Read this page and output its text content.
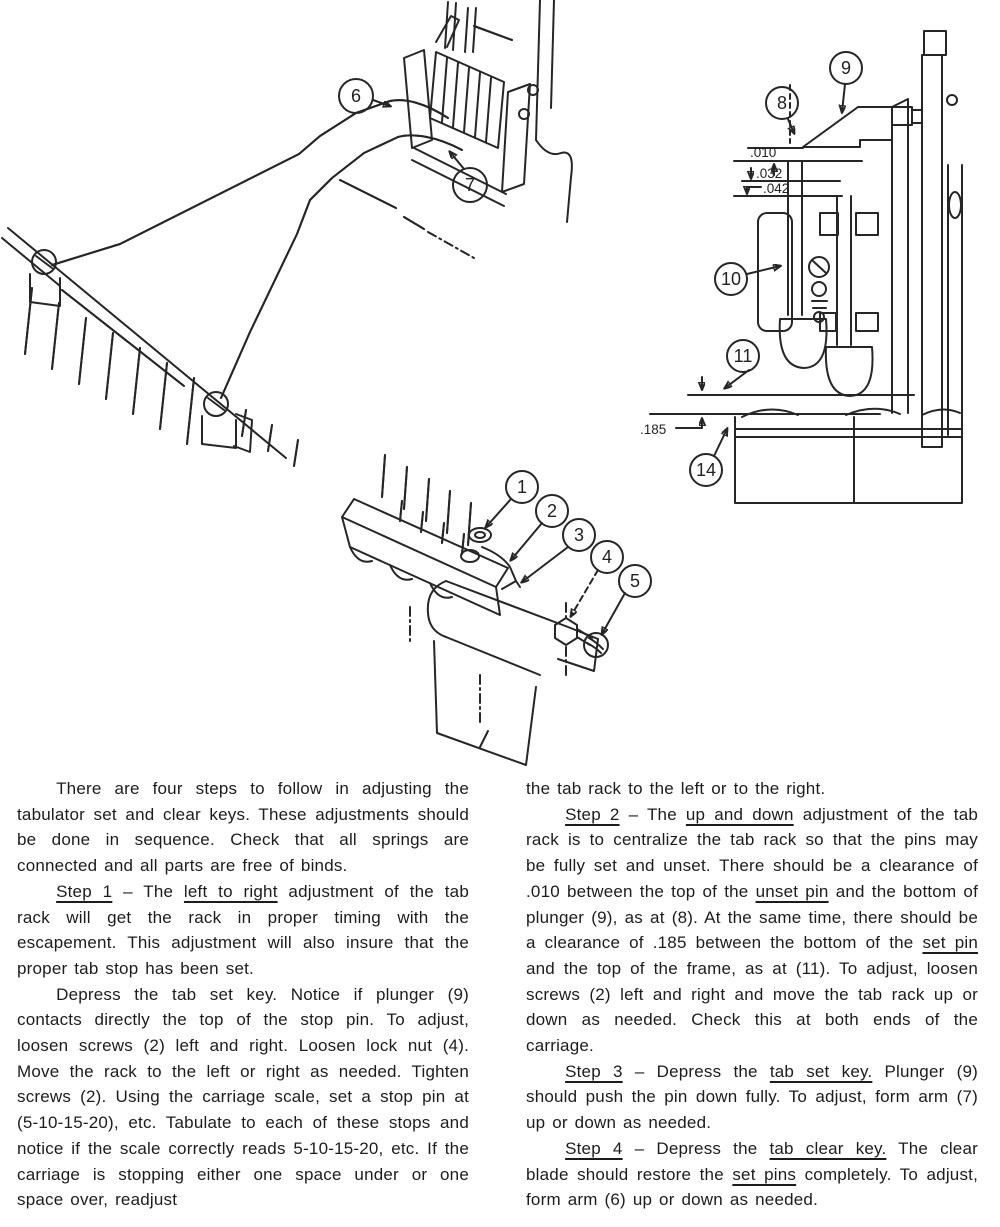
6
7
.010
.032
.042
.185
8
9
10
11
14
1
2
3
4
5

There are four steps to follow in adjusting the tabulator set and clear keys. These adjustments should be done in sequence. Check that all springs are connected and all parts are free of binds.

Step 1 – The left to right adjustment of the tab rack will get the rack in proper timing with the escapement. This adjustment will also insure that the proper tab stop has been set.

Depress the tab set key. Notice if plunger (9) contacts directly the top of the stop pin. To adjust, loosen screws (2) left and right. Loosen lock nut (4). Move the rack to the left or right as needed. Tighten screws (2). Using the carriage scale, set a stop pin at (5-10-15-20), etc. Tabulate to each of these stops and notice if the scale correctly reads 5-10-15-20, etc. If the carriage is stopping either one space under or one space over, readjust

the tab rack to the left or to the right.

Step 2 – The up and down adjustment of the tab rack is to centralize the tab rack so that the pins may be fully set and unset. There should be a clearance of .010 between the top of the unset pin and the bottom of plunger (9), as at (8). At the same time, there should be a clearance of .185 between the bottom of the set pin and the top of the frame, as at (11). To adjust, loosen screws (2) left and right and move the tab rack up or down as needed. Check this at both ends of the carriage.

Step 3 – Depress the tab set key. Plunger (9) should push the pin down fully. To adjust, form arm (7) up or down as needed.

Step 4 – Depress the tab clear key. The clear blade should restore the set pins completely. To adjust, form arm (6) up or down as needed.
